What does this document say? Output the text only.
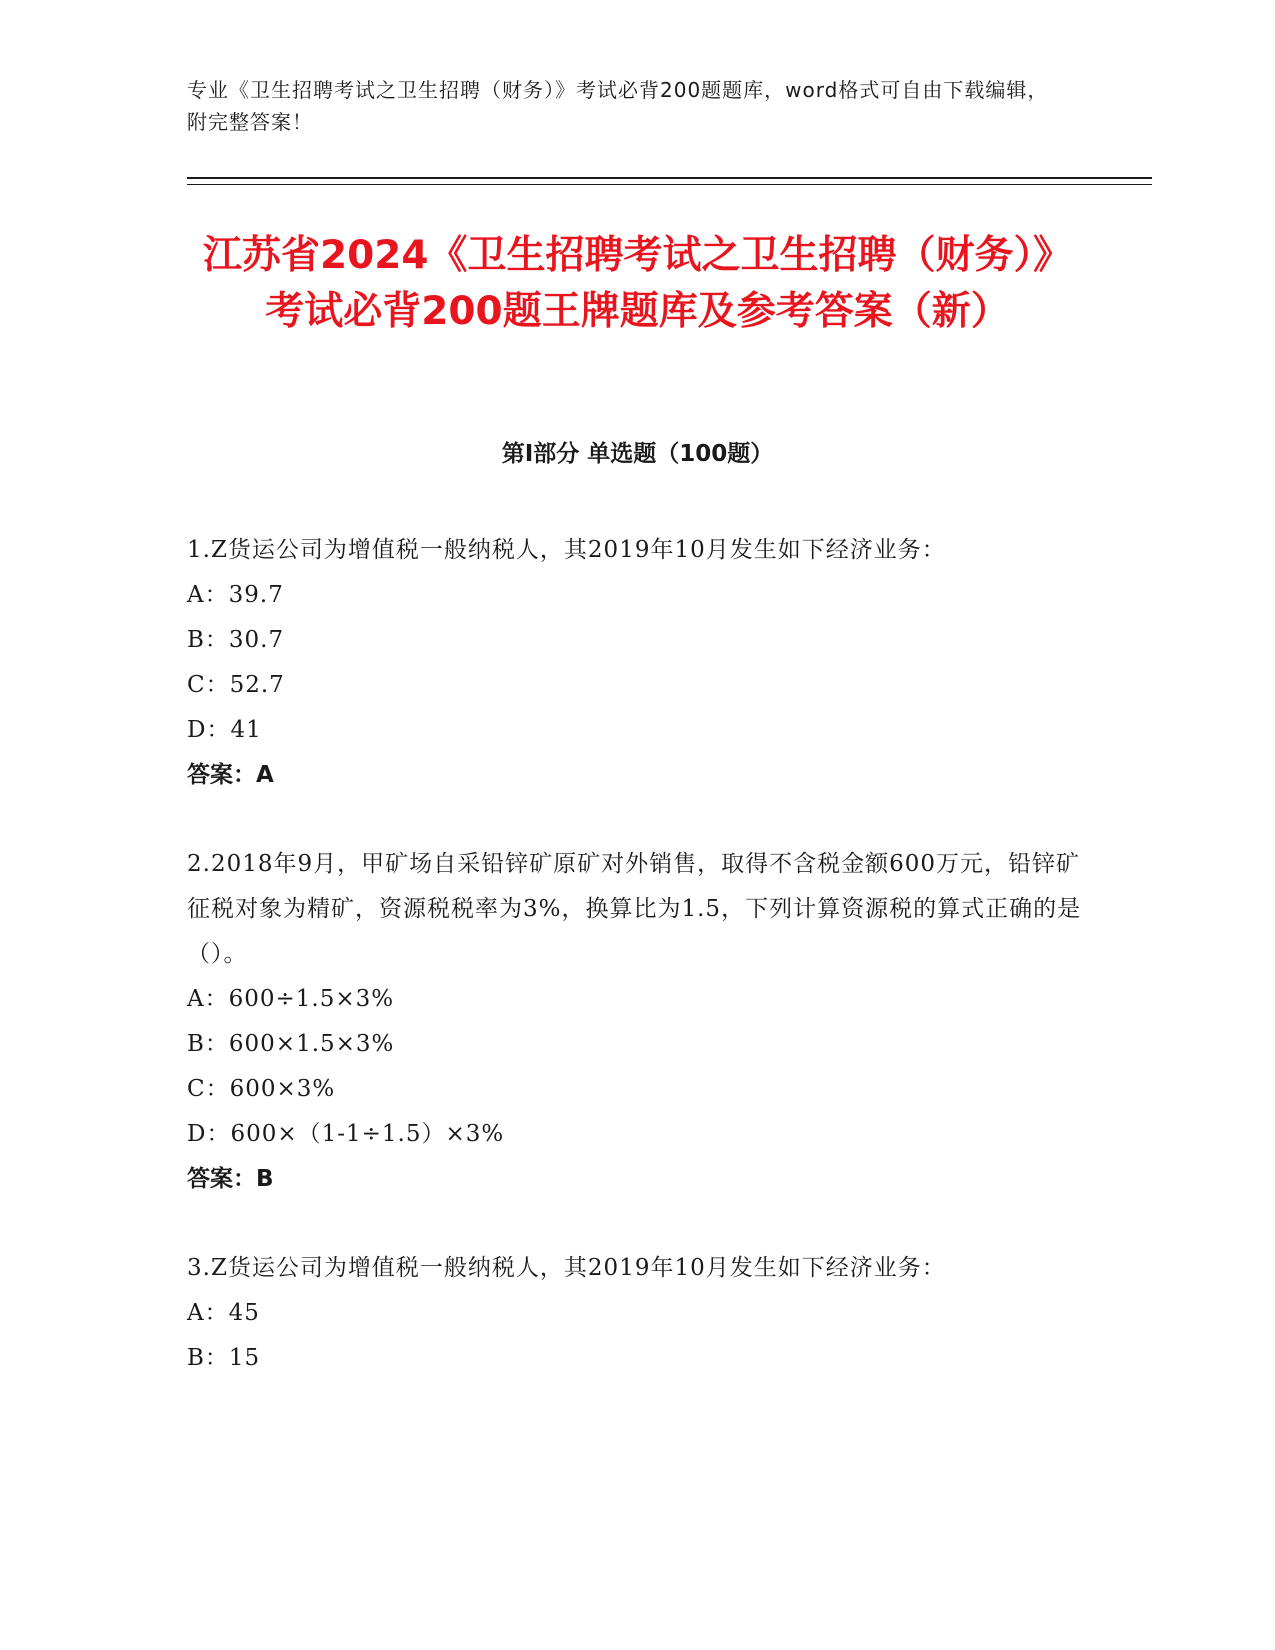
专业《卫生招聘考试之卫生招聘（财务）》考试必背200题题库，word格式可自由下载编辑，附完整答案！
江苏省2024《卫生招聘考试之卫生招聘（财务）》考试必背200题王牌题库及参考答案（新）
第Ⅰ部分 单选题（100题）
1.Z货运公司为增值税一般纳税人，其2019年10月发生如下经济业务：
A：39.7
B：30.7
C：52.7
D：41
答案：A
2.2018年9月，甲矿场自采铅锌矿原矿对外销售，取得不含税金额600万元，铅锌矿征税对象为精矿，资源税税率为3%，换算比为1.5，下列计算资源税的算式正确的是（）。
A：600÷1.5×3%
B：600×1.5×3%
C：600×3%
D：600×（1-1÷1.5）×3%
答案：B
3.Z货运公司为增值税一般纳税人，其2019年10月发生如下经济业务：
A：45
B：15
